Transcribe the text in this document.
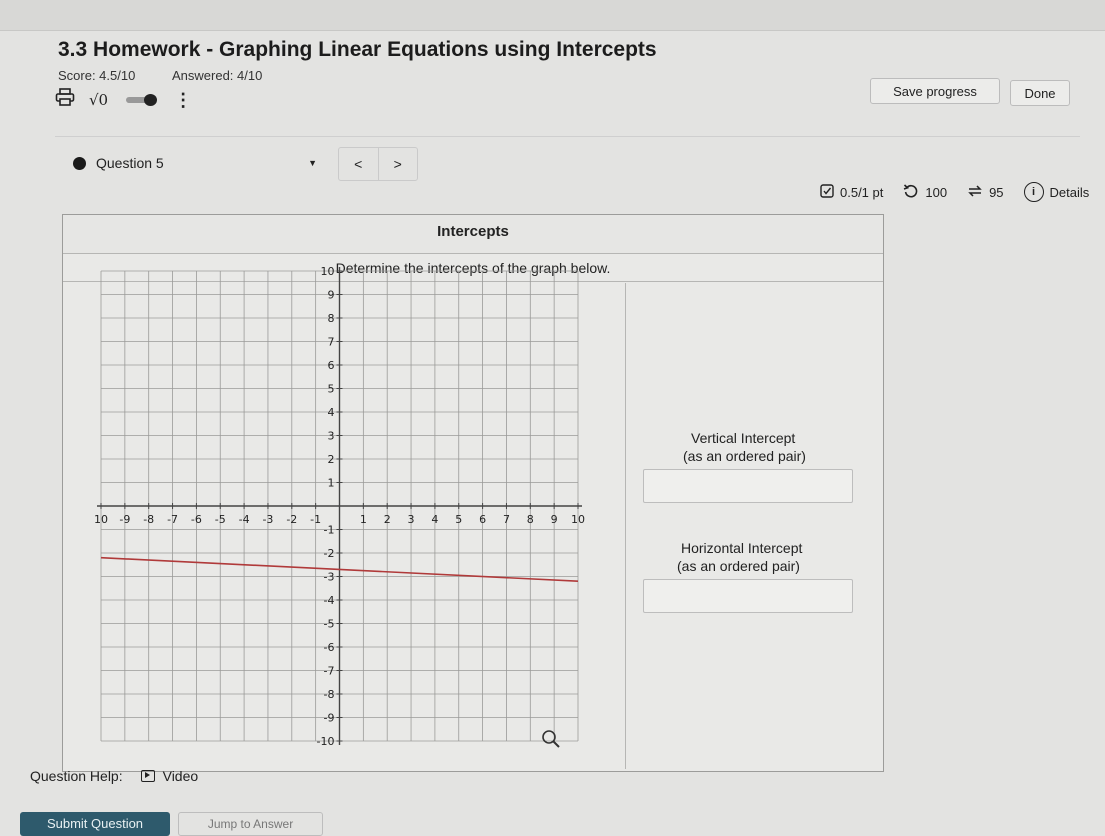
3.3 Homework - Graphing Linear Equations using Intercepts
Score: 4.5/10	Answered: 4/10
Save progress	Done
√0	⋮
Question 5	▼	<	>
0.5/1 pt	100	95	i	Details
Intercepts
Determine the intercepts of the graph below.
10 -9 -8 -7 -6 -5 -4 -3 -2 -1	1 2 3 4 5 6 7 8 9 10
10
9
8
7
6
5
4
3
2
1
-1
-2
-3
-4
-5
-6
-7
-8
-9
-10
Vertical Intercept
(as an ordered pair)
Horizontal Intercept
(as an ordered pair)
Question Help:	Video
Submit Question	Jump to Answer
